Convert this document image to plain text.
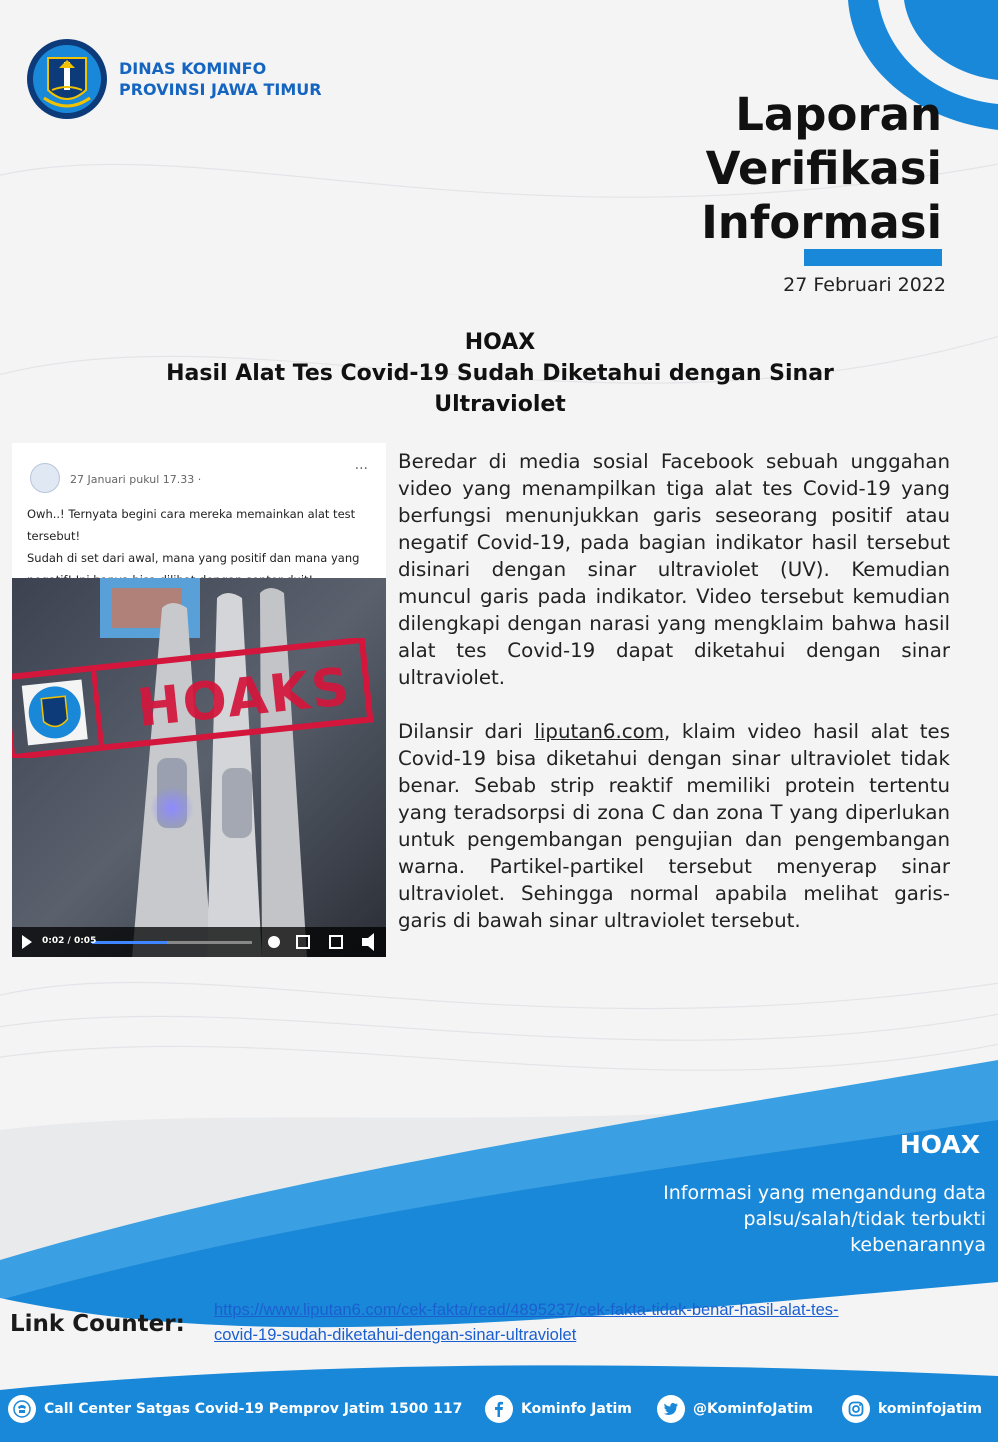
DINAS KOMINFO
PROVINSI JAWA TIMUR	Laporan
Verifikasi
Informasi
27 Februari 2022
HOAX
Hasil Alat Tes Covid-19 Sudah Diketahui dengan Sinar
Ultraviolet
27 Januari pukul 17.33 ·
···
Owh..! Ternyata begini cara mereka memainkan alat test tersebut!
Sudah di set dari awal, mana yang positif dan mana yang
0:02 / 0:05
HOAKS

Beredar di media sosial Facebook sebuah unggahan video yang menampilkan tiga alat tes Covid-19 yang berfungsi menunjukkan garis seseorang positif atau negatif Covid-19, pada bagian indikator hasil tersebut disinari dengan sinar ultraviolet (UV). Kemudian muncul garis pada indikator. Video tersebut kemudian dilengkapi dengan narasi yang mengklaim bahwa hasil alat tes Covid-19 dapat diketahui dengan sinar ultraviolet.

Dilansir dari liputan6.com, klaim video hasil alat tes Covid-19 bisa diketahui dengan sinar ultraviolet tidak benar. Sebab strip reaktif memiliki protein tertentu yang teradsorpsi di zona C dan zona T yang diperlukan untuk pengembangan pengujian dan pengembangan warna. Partikel-partikel tersebut menyerap sinar ultraviolet. Sehingga normal apabila melihat garis-garis di bawah sinar ultraviolet tersebut.

HOAX
Informasi yang mengandung data
palsu/salah/tidak terbukti
kebenarannya
Link Counter:
https://www.liputan6.com/cek-fakta/read/4895237/cek-fakta-tidak-benar-hasil-alat-tes-
covid-19-sudah-diketahui-dengan-sinar-ultraviolet
Call Center Satgas Covid-19 Pemprov Jatim 1500 117	Kominfo Jatim	@KominfoJatim	kominfojatim
